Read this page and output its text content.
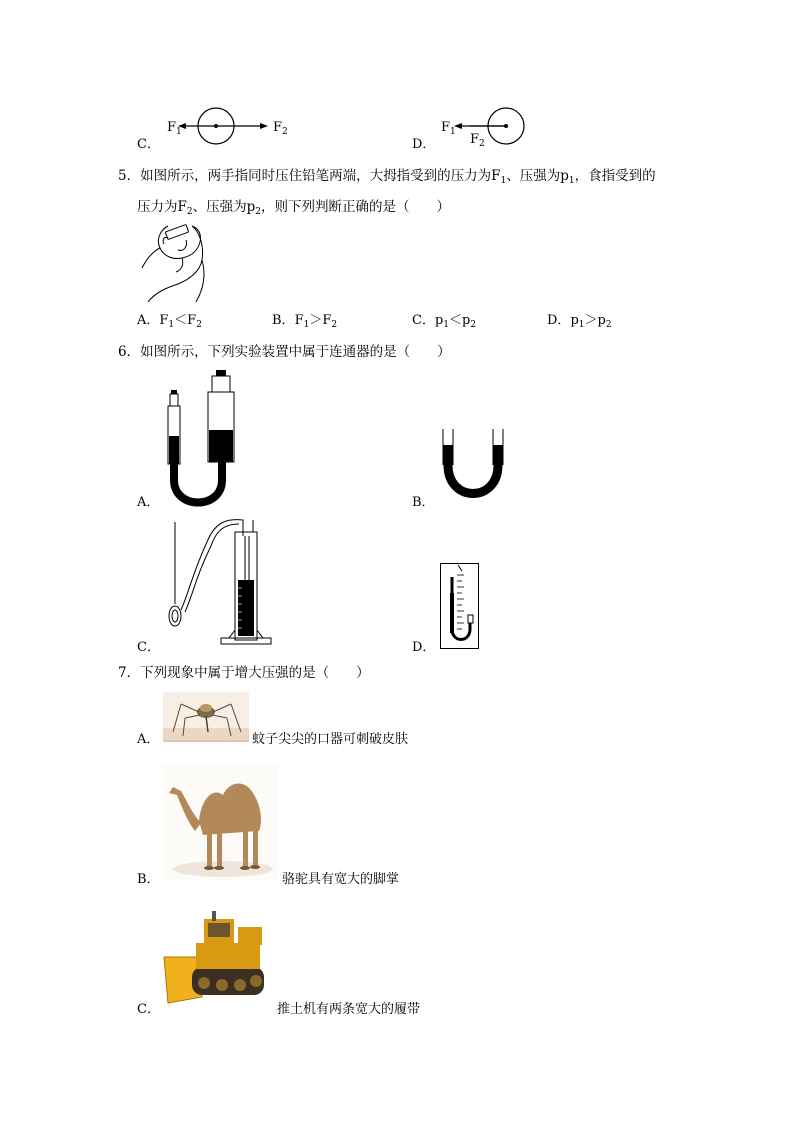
C．
$F_1$	$F_2$
D．
$F_1$ $F_2$
5．如图所示，两手指同时压住铅笔两端，大拇指受到的压力为$F_1$、压强为$p_1$，食指受到的
压力为$F_2$、压强为$p_2$，则下列判断正确的是（　　）
A．$F_1<F_2$	B．$F_1>F_2$	C．$p_1<p_2$	D．$p_1>p_2$
6．如图所示，下列实验装置中属于连通器的是（　　）
A．	B．
C．	D．
7．下列现象中属于增大压强的是（　　）
A．	蚊子尖尖的口器可刺破皮肤
B．	骆驼具有宽大的脚掌
C．	推土机有两条宽大的履带
